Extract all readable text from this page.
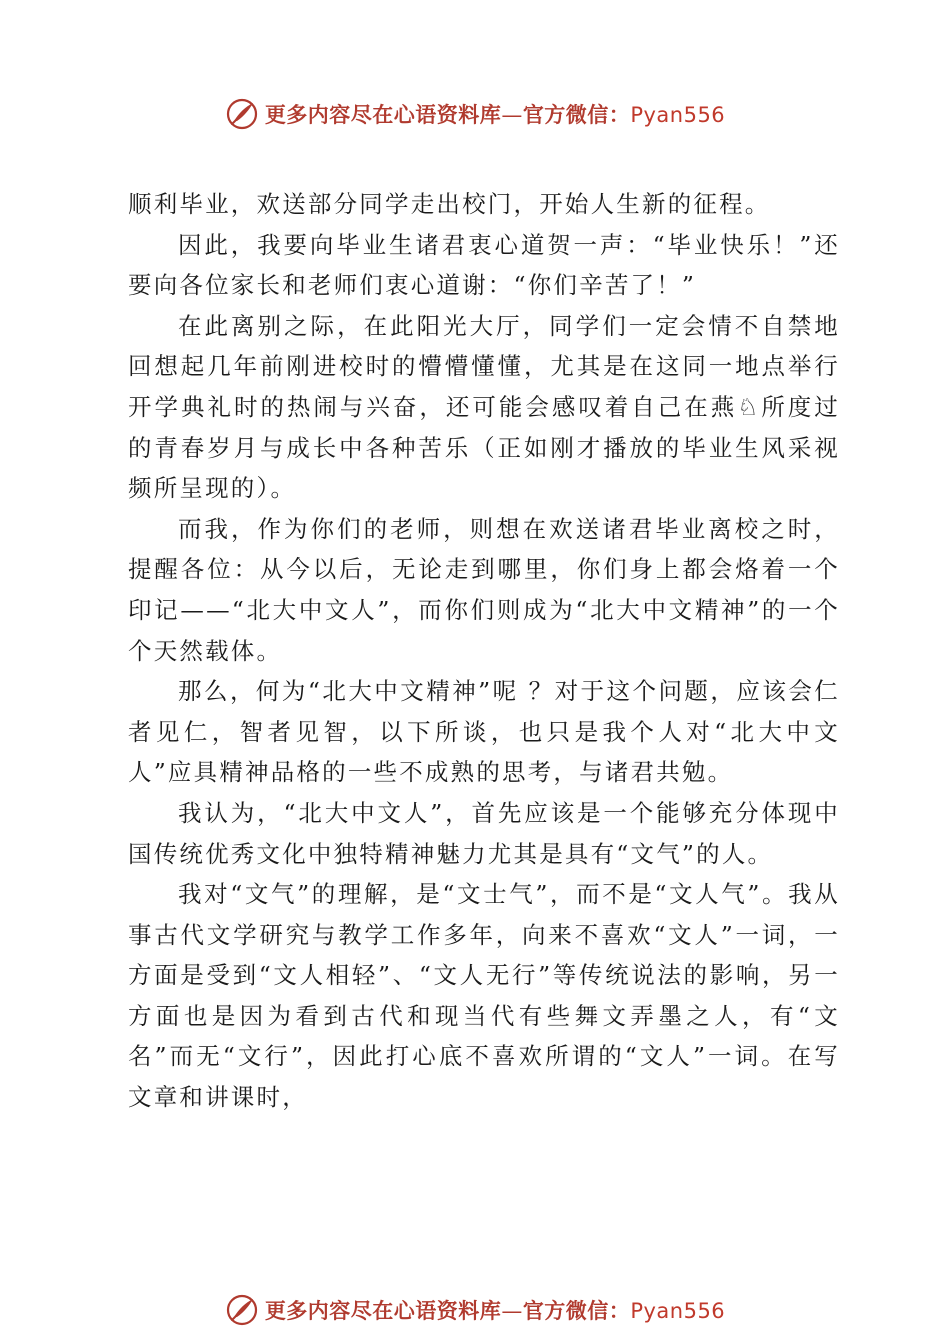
更多内容尽在心语资料库—官方微信：Pyan556

顺利毕业，欢送部分同学走出校门，开始人生新的征程。

因此，我要向毕业生诸君衷心道贺一声：“毕业快乐！”还要向各位家长和老师们衷心道谢：“你们辛苦了！”

在此离别之际，在此阳光大厅，同学们一定会情不自禁地回想起几年前刚进校时的懵懵懂懂，尤其是在这同一地点举行开学典礼时的热闹与兴奋，还可能会感叹着自己在燕♘所度过的青春岁月与成长中各种苦乐（正如刚才播放的毕业生风采视频所呈现的）。

而我，作为你们的老师，则想在欢送诸君毕业离校之时，提醒各位：从今以后，无论走到哪里，你们身上都会烙着一个印记——“北大中文人”，而你们则成为“北大中文精神”的一个个天然载体。

那么，何为“北大中文精神”呢 ？对于这个问题，应该会仁者见仁，智者见智，以下所谈，也只是我个人对“北大中文人”应具精神品格的一些不成熟的思考，与诸君共勉。

我认为，“北大中文人”，首先应该是一个能够充分体现中国传统优秀文化中独特精神魅力尤其是具有“文气”的人。

我对“文气”的理解，是“文士气”，而不是“文人气”。我从事古代文学研究与教学工作多年，向来不喜欢“文人”一词，一方面是受到“文人相轻”、“文人无行”等传统说法的影响，另一方面也是因为看到古代和现当代有些舞文弄墨之人，有“文名”而无“文行”，因此打心底不喜欢所谓的“文人”一词。在写文章和讲课时，

更多内容尽在心语资料库—官方微信：Pyan556
